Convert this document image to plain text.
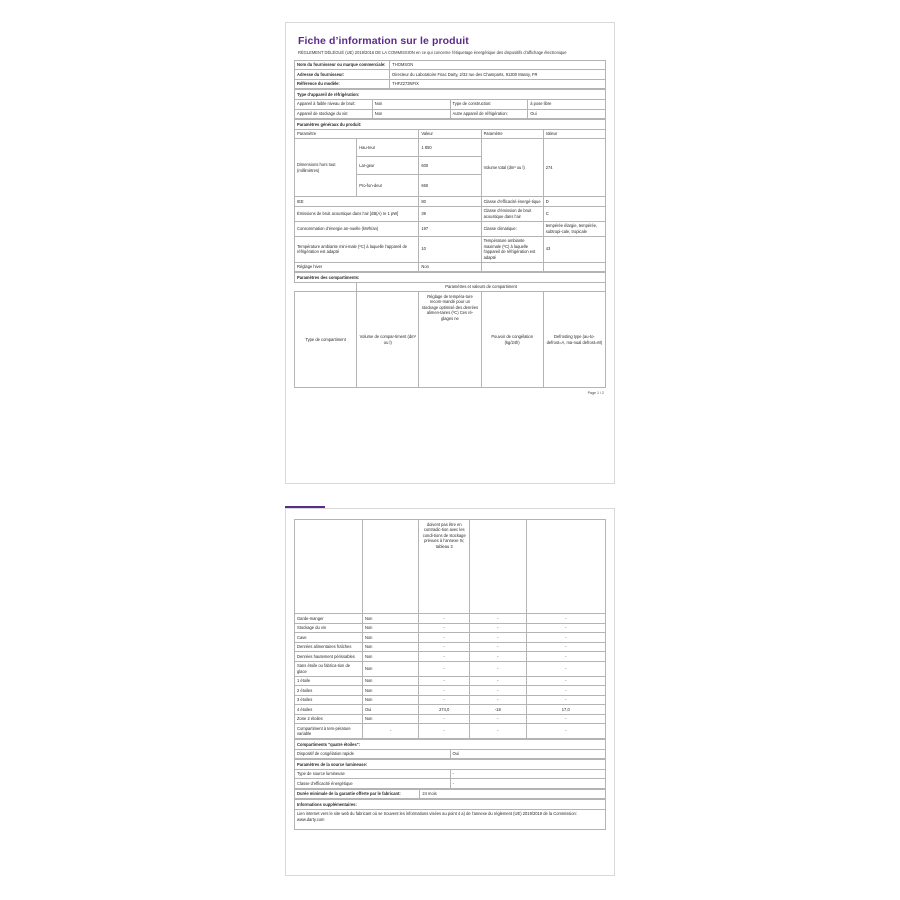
Fiche d’information sur le produit
RÈGLEMENT DÉLÉGUÉ (UE) 2019/2016 DE LA COMMISSION en ce qui concerne l’étiquetage énergétique des dispositifs d’affichage électronique
Nom du fournisseur ou marque commerciale:	THOMSON
Adresse du fournisseur:	Directeur du Laboratoire Fnac Darty, 2/32 rue des Champarts, 91300 Massy, FR
Référence du modèle:	THFZ273NFIX
Type d’appareil de réfrigération:			
Appareil à faible niveau de bruit:	Non	Type de construction:	à pose libre
Appareil de stockage du vin:	Non	Autre appareil de réfrigération:	Oui
Paramètres généraux du produit:				
Paramètre		Valeur	Paramètre	Valeur
Dimensions hors tout (millimètres)	Hau-teur	1 850	Volume total (dm³ ou l)	274
	Lar-geur	600		
	Pro-fon-deur	660		
IEE		80	Classe d’efficacité énergé-tique	D
Émissions de bruit acoustique dans l’air [dB(A) re 1 pW]		39	Classe d’émission de bruit acoustique dans l’air	C
Consommation d’énergie an-nuelle (kWh/an)		197	Classe climatique:	tempérée élargie, tempérée, subtropi-cale, tropicale
Température ambiante mini-male (ºC) à laquelle l’appareil de réfrigération est adapté		10	Température ambiante maximale (ºC) à laquelle l’appareil de réfrigération est adapté	43
Réglage hiver		Non		
Paramètres des compartiments:				
	Paramètres et valeurs de compartiment			
Type de compartiment	Volume de compar-timent (dm³ ou l)	Réglage de tempéra-ture recom-mandé pour un stockage optimisé des denrées alimen-taires (ºC) Ces ré-glages ne	Pouvoir de congélation (kg/24h)	Defrosting type (au-to-defrost=A, ma-nual defrost=M)
Page 1 / 2
		doivent pas être en contradic-tion avec les condi-tions de stockage prévues à l’annexe IV, tableau 3		
Garde-manger	Non	-	-	-
Stockage du vin	Non	-	-	-
Cave	Non	-	-	-
Denrées alimentaires fraîches	Non	-	-	-
Denrées hautement périssables	Non	-	-	-
Sans étoile ou fabrica-tion de glace	Non	-	-	-
1 étoile	Non	-	-	-
2 étoiles	Non	-	-	-
3 étoiles	Non	-	-	-
4 étoiles	Oui	274,0	-18	17,0
Zone 2 étoiles	Non	-	-	-
Compartiment à tem-pérature variable	-	-	-	-
Compartiments "quatre étoiles":
Dispositif de congélation rapide	Oui
Paramètres de la source lumineuse:	
Type de source lumineuse	-
Classe d’efficacité énergétique	-
Durée minimale de la garantie offerte par le fabricant:	24 mois
Informations supplémentaires:
Lien internet vers le site web du fabricant où se trouvent les informations visées au point 4 a) de l’annexe du règlement (UE) 2019/2019 de la Commission: www.darty.com
